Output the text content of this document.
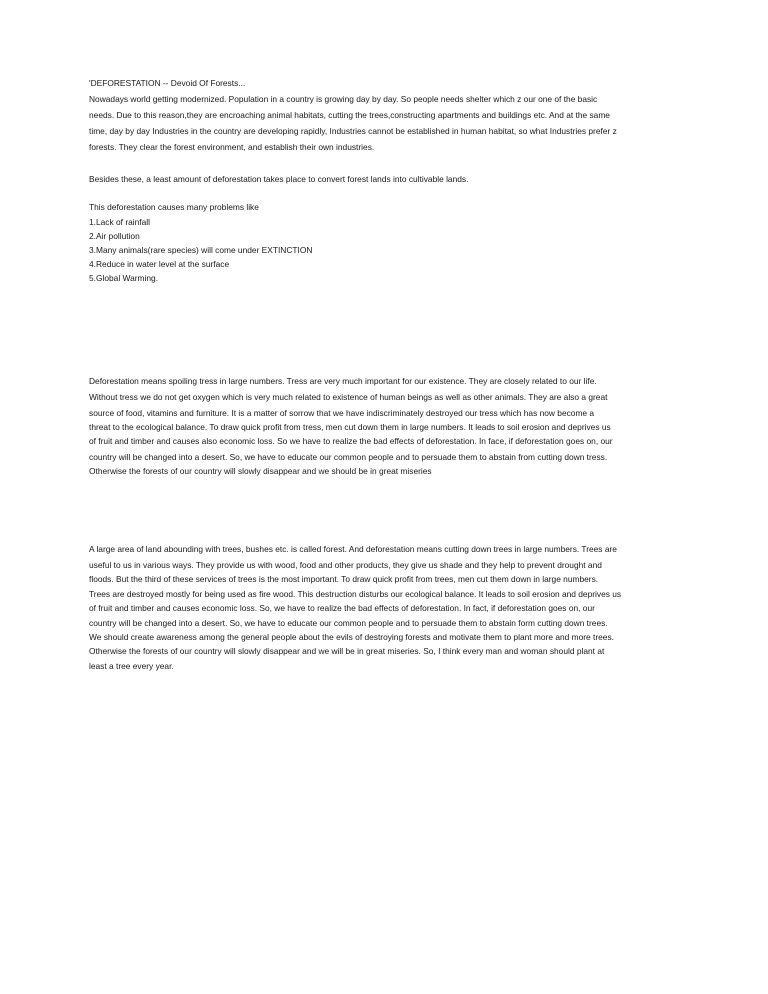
'DEFORESTATION -- Devoid Of Forests...
Nowadays world getting modernized. Population in a country is growing day by day. So people needs shelter which z our one of the basic
needs. Due to this reason,they are encroaching animal habitats, cutting the trees,constructing apartments and buildings etc. And at the same
time, day by day Industries in the country are developing rapidly, Industries cannot be established in human habitat, so what Industries prefer z
forests. They clear the forest environment, and establish their own industries.
Besides these, a least amount of deforestation takes place to convert forest lands into cultivable lands.
This deforestation causes many problems like
1.Lack of rainfall
2.Air pollution
3.Many animals(rare species) will come under EXTINCTION
4.Reduce in water level at the surface
5.Global Warming.
Deforestation means spoiling tress in large numbers. Tress are very much important for our existence. They are closely related to our life.
Without tress we do not get oxygen which is very much related to existence of human beings as well as other animals. They are also a great
source of food, vitamins and furniture. It is a matter of sorrow that we have indiscriminately destroyed our tress which has now become a
threat to the ecological balance. To draw quick profit from tress, men cut down them in large numbers. It leads to soil erosion and deprives us
of fruit and timber and causes also economic loss. So we have to realize the bad effects of deforestation. In face, if deforestation goes on, our
country will be changed into a desert. So, we have to educate our common people and to persuade them to abstain from cutting down tress.
Otherwise the forests of our country will slowly disappear and we should be in great miseries
A large area of land abounding with trees, bushes etc. is called forest. And deforestation means cutting down trees in large numbers. Trees are
useful to us in various ways. They provide us with wood, food and other products, they give us shade and they help to prevent drought and
floods. But the third of these services of trees is the most important. To draw quick profit from trees, men cut them down in large numbers.
Trees are destroyed mostly for being used as fire wood. This destruction disturbs our ecological balance. It leads to soil erosion and deprives us
of fruit and timber and causes economic loss. So, we have to realize the bad effects of deforestation. In fact, if deforestation goes on, our
country will be changed into a desert. So, we have to educate our common people and to persuade them to abstain form cutting down trees.
We should create awareness among the general people about the evils of destroying forests and motivate them to plant more and more trees.
Otherwise the forests of our country will slowly disappear and we will be in great miseries. So, I think every man and woman should plant at
least a tree every year.
